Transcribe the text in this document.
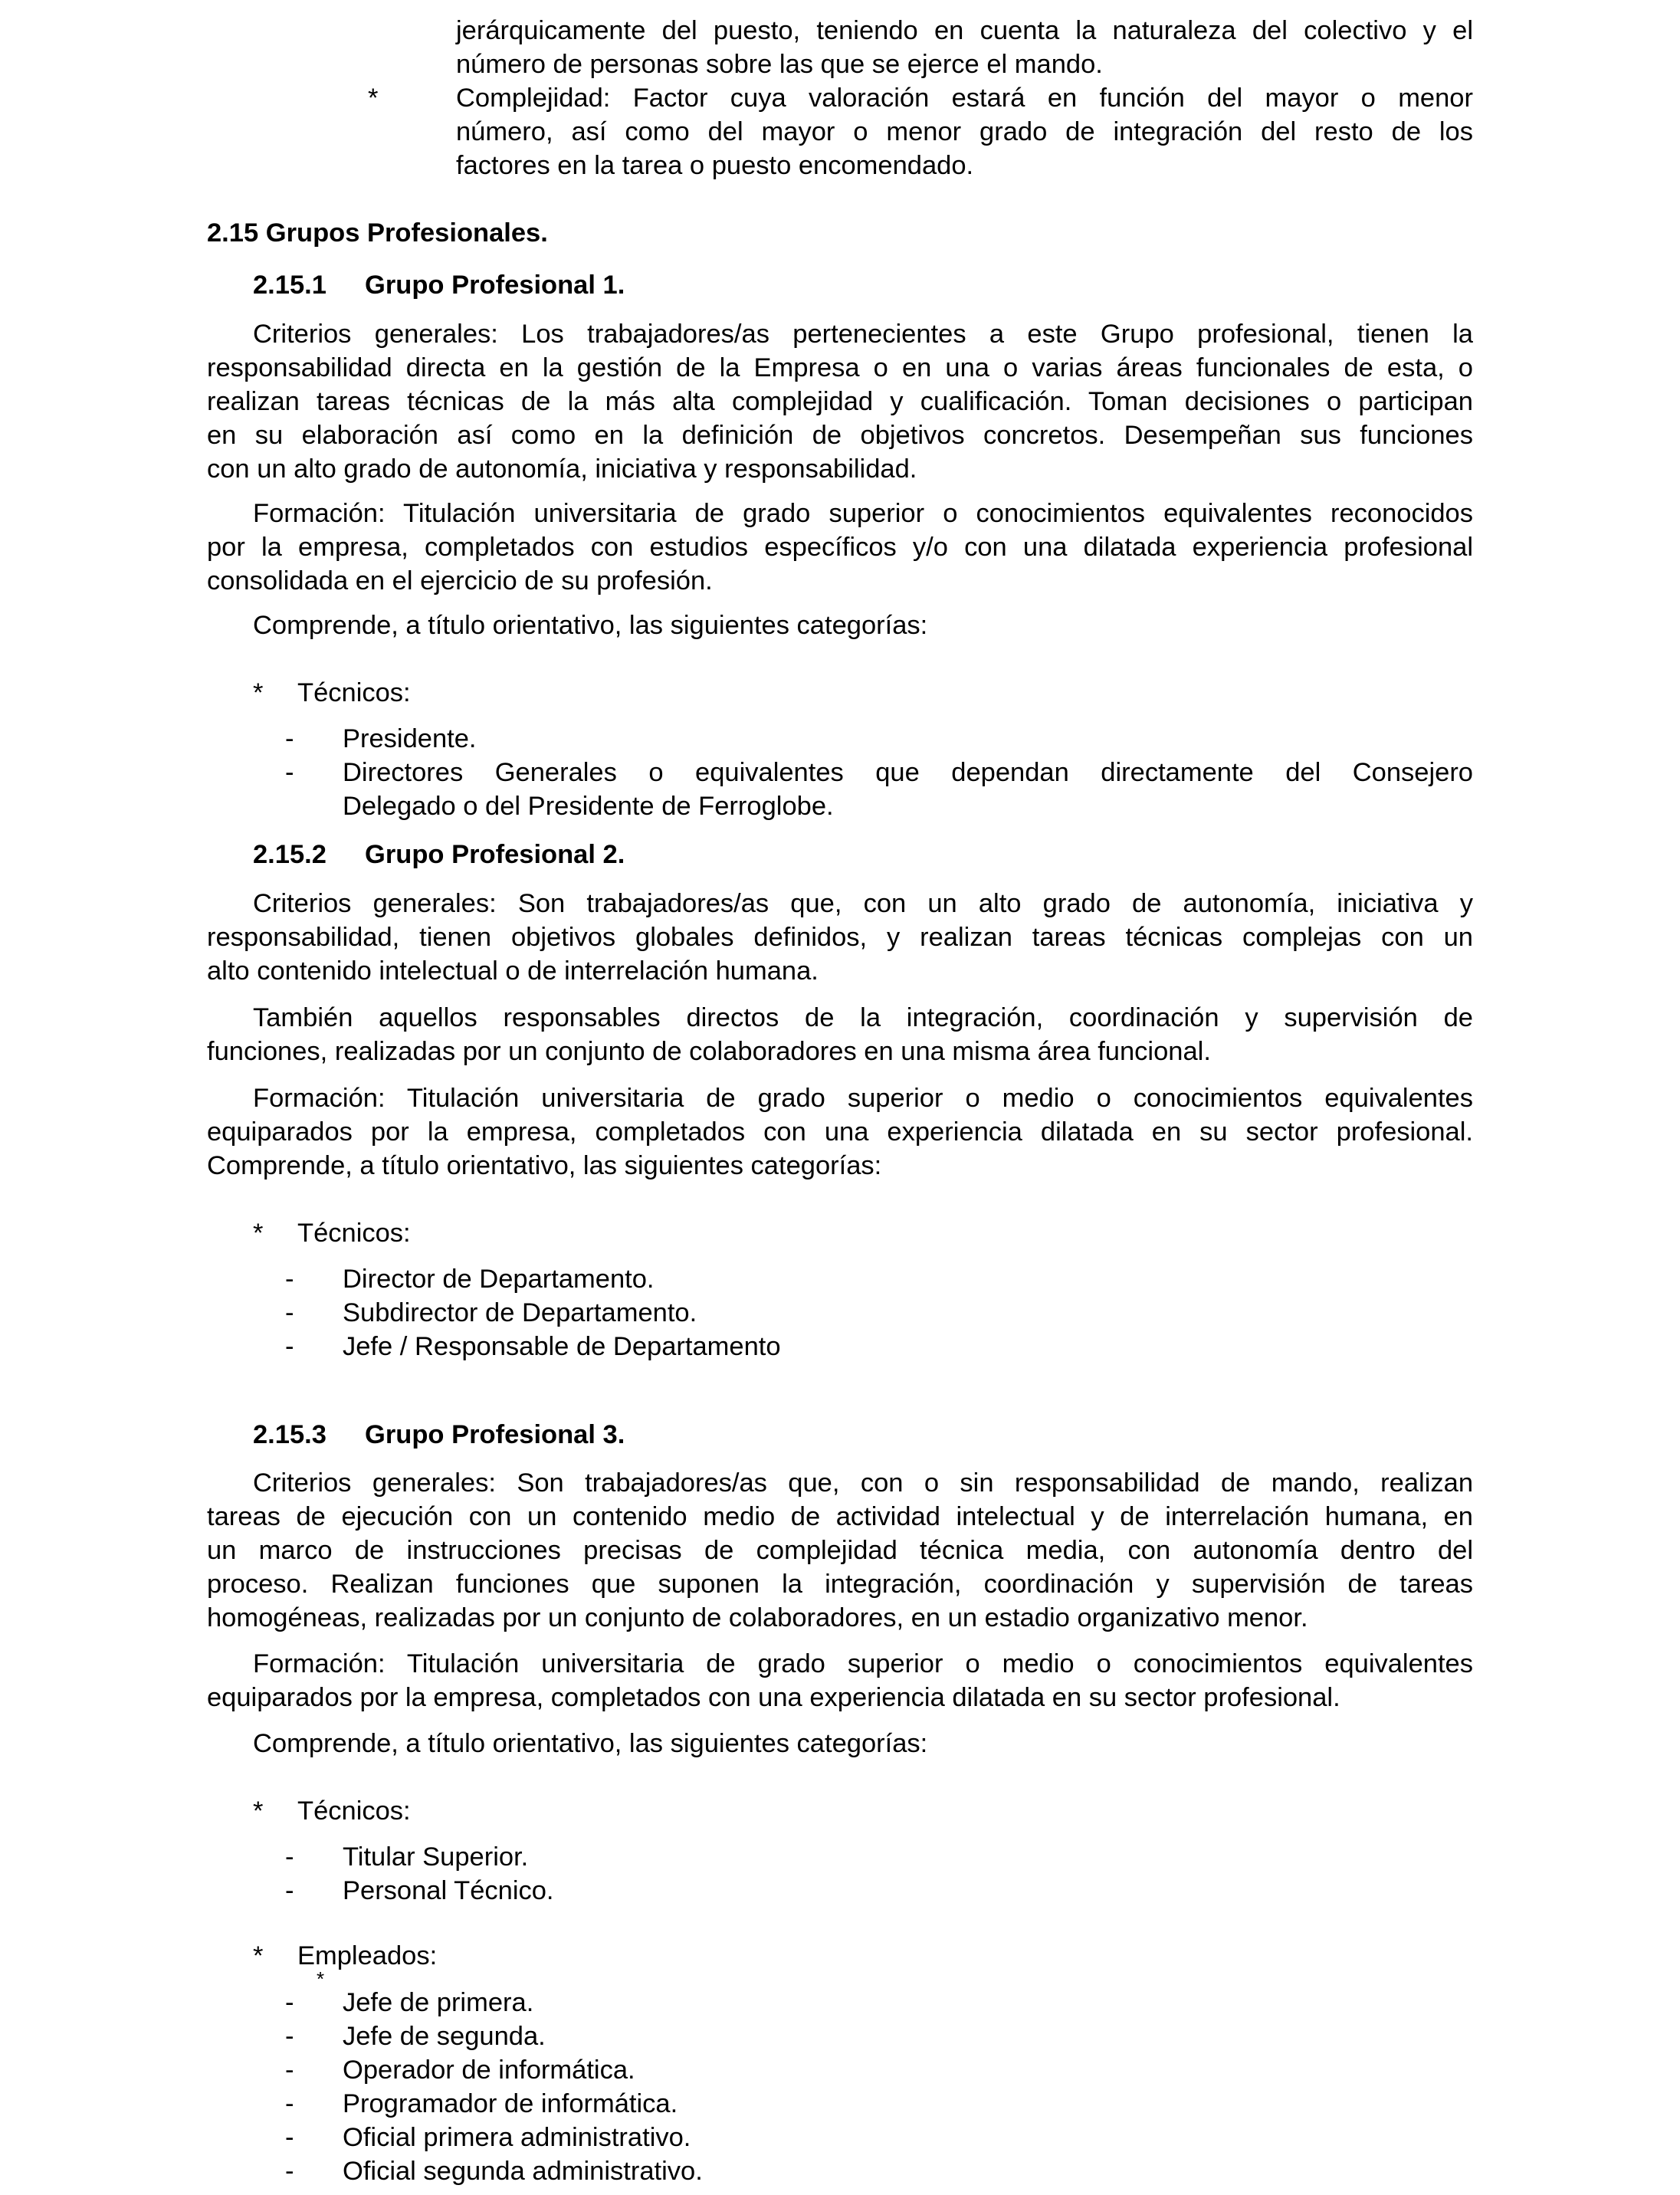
jerárquicamente del puesto, teniendo en cuenta la naturaleza del colectivo y el
número de personas sobre las que se ejerce el mando.
*	Complejidad: Factor cuya valoración estará en función del mayor o menor
número, así como del mayor o menor grado de integración del resto de los
factores en la tarea o puesto encomendado.
2.15 Grupos Profesionales.
2.15.1 Grupo Profesional 1.
Criterios generales: Los trabajadores/as pertenecientes a este Grupo profesional, tienen la
responsabilidad directa en la gestión de la Empresa o en una o varias áreas funcionales de esta, o
realizan tareas técnicas de la más alta complejidad y cualificación. Toman decisiones o participan
en su elaboración así como en la definición de objetivos concretos. Desempeñan sus funciones
con un alto grado de autonomía, iniciativa y responsabilidad.
Formación: Titulación universitaria de grado superior o conocimientos equivalentes reconocidos
por la empresa, completados con estudios específicos y/o con una dilatada experiencia profesional
consolidada en el ejercicio de su profesión.
Comprende, a título orientativo, las siguientes categorías:
* Técnicos:
- Presidente.
- Directores Generales o equivalentes que dependan directamente del Consejero
Delegado o del Presidente de Ferroglobe.
2.15.2 Grupo Profesional 2.
Criterios generales: Son trabajadores/as que, con un alto grado de autonomía, iniciativa y
responsabilidad, tienen objetivos globales definidos, y realizan tareas técnicas complejas con un
alto contenido intelectual o de interrelación humana.
También aquellos responsables directos de la integración, coordinación y supervisión de
funciones, realizadas por un conjunto de colaboradores en una misma área funcional.
Formación: Titulación universitaria de grado superior o medio o conocimientos equivalentes
equiparados por la empresa, completados con una experiencia dilatada en su sector profesional.
Comprende, a título orientativo, las siguientes categorías:
* Técnicos:
- Director de Departamento.
- Subdirector de Departamento.
- Jefe / Responsable de Departamento
2.15.3 Grupo Profesional 3.
Criterios generales: Son trabajadores/as que, con o sin responsabilidad de mando, realizan
tareas de ejecución con un contenido medio de actividad intelectual y de interrelación humana, en
un marco de instrucciones precisas de complejidad técnica media, con autonomía dentro del
proceso. Realizan funciones que suponen la integración, coordinación y supervisión de tareas
homogéneas, realizadas por un conjunto de colaboradores, en un estadio organizativo menor.
Formación: Titulación universitaria de grado superior o medio o conocimientos equivalentes
equiparados por la empresa, completados con una experiencia dilatada en su sector profesional.
Comprende, a título orientativo, las siguientes categorías:
* Técnicos:
- Titular Superior.
- Personal Técnico.
* Empleados:
*
- Jefe de primera.
- Jefe de segunda.
- Operador de informática.
- Programador de informática.
- Oficial primera administrativo.
- Oficial segunda administrativo.
